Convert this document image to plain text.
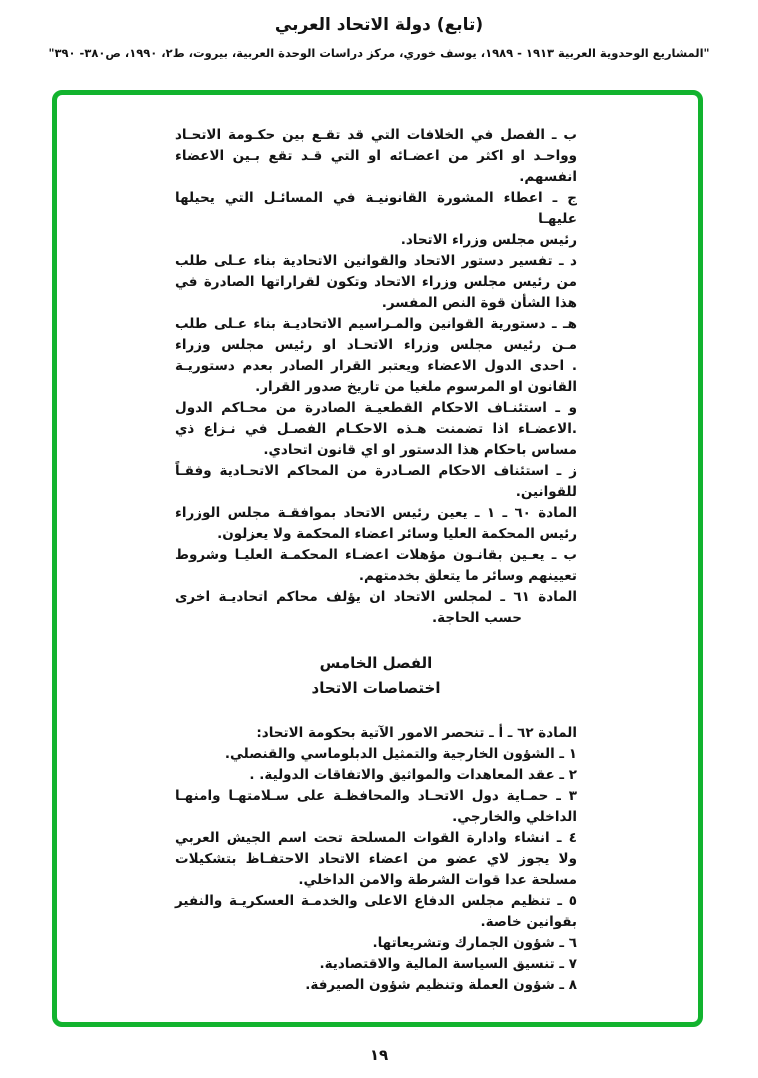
(تابع) دولة الاتحاد العربي
"المشاريع الوحدوية العربية ١٩١٣ - ١٩٨٩، يوسف خوري، مركز دراسات الوحدة العربية، بيروت، ط٢، ١٩٩٠، ص٣٨٠- ٣٩٠"
ب ـ الفصل في الخلافات التي قد تقـع بين حكـومة الاتحـاد
وواحـد او اكثر من اعضـائه او التي قـد تقع بـين الاعضاء
انفسهم.
ج ـ اعطاء المشورة القانونيـة في المسائـل التي يحيلها عليهـا
رئيس مجلس وزراء الاتحاد.
د ـ تفسير دستور الاتحاد والقوانين الاتحادية بناء عـلى طلب
من رئيس مجلس وزراء الاتحاد وتكون لقراراتها الصادرة في
هذا الشأن قوة النص المفسر.
هـ ـ دستورية القوانين والمـراسيم الاتحاديـة بناء عـلى طلب
مـن رئيس مجلس وزراء الاتحـاد او رئيس مجلس وزراء
. احدى الدول الاعضاء ويعتبر القرار الصادر بعدم دستوريـة
القانون او المرسوم ملغيا من تاريخ صدور القرار.
و ـ استئنـاف الاحكام القطعيـة الصادرة من محـاكم الدول
.الاعضـاء اذا تضمنت هـذه الاحكـام الفصـل في نـزاع ذي
مساس باحكام هذا الدستور او اي قانون اتحادي.
ز ـ استئناف الاحكام الصـادرة من المحاكم الاتحـادية وفقـاً
للقوانين.
المادة ٦٠ ـ ١ ـ يعين رئيس الاتحاد بموافقـة مجلس الوزراء
رئيس المحكمة العليا وسائر اعضاء المحكمة ولا يعزلون.
ب ـ يعـين بقانـون مؤهلات اعضـاء المحكمـة العليـا وشروط
تعيينهم وسائر ما يتعلق بخدمتهم.
المادة ٦١ ـ لمجلس الاتحاد ان يؤلف محاكم اتحاديـة اخرى
حسب الحاجة.
الفصل الخامس
اختصاصات الاتحاد
المادة ٦٢ ـ أ ـ تنحصر الامور الآتية بحكومة الاتحاد:
١ ـ الشؤون الخارجية والتمثيل الدبلوماسي والقنصلي.
٢ ـ عقد المعاهدات والمواثيق والاتفاقات الدولية. .
٣ ـ حمـاية دول الاتحـاد والمحافظـة على سـلامتهـا وامنهـا
الداخلي والخارجي.
٤ ـ انشاء وادارة القوات المسلحة تحت اسم الجيش العربي
ولا يجوز لاي عضو من اعضاء الاتحاد الاحتفـاظ بتشكيلات
مسلحة عدا قوات الشرطة والامن الداخلي.
٥ ـ تنظيم مجلس الدفاع الاعلى والخدمـة العسكريـة والنفير
بقوانين خاصة.
٦ ـ شؤون الجمارك وتشريعاتها.
٧ ـ تنسيق السياسة المالية والاقتصادية.
٨ ـ شؤون العملة وتنظيم شؤون الصيرفة.
١٩
